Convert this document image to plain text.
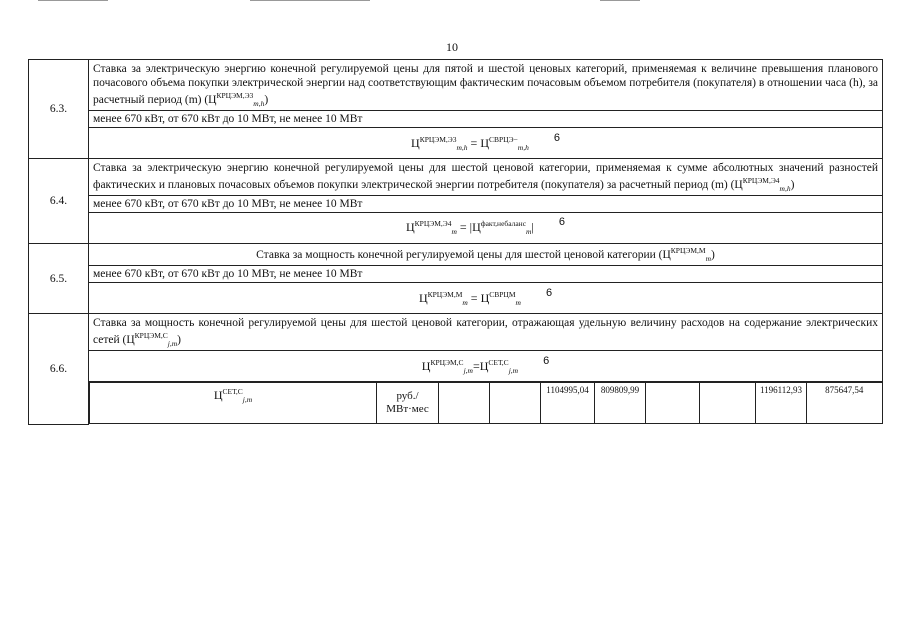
10
6.3.	Ставка за электрическую энергию конечной регулируемой цены для пятой и шестой ценовых категорий, применяемая к величине превышения планового почасового объема покупки электрической энергии над соответствующим фактическим почасовым объемом потребителя (покупателя) в отношении часа (h), за расчетный период (m) $(Ц^{КРЦЭМ,Э3}_{m,h})$
менее 670 кВт, от 670 кВт до 10 МВт, не менее 10 МВт
$Ц^{КРЦЭМ,Э3}_{m,h} = Ц^{СВРЦЭ-}_{m,h}$ 6
6.4.	Ставка за электрическую энергию конечной регулируемой цены для шестой ценовой категории, применяемая к сумме абсолютных значений разностей фактических и плановых почасовых объемов покупки электрической энергии потребителя (покупателя) за расчетный период (m) $(Ц^{КРЦЭМ,Э4}_{m,h})$
менее 670 кВт, от 670 кВт до 10 МВт, не менее 10 МВт
$Ц^{КРЦЭМ,Э4}_m = |Ц^{факт,небаланс}_m|$ 6
6.5.	Ставка за мощность конечной регулируемой цены для шестой ценовой категории $(Ц^{КРЦЭМ,М}_m)$
менее 670 кВт, от 670 кВт до 10 МВт, не менее 10 МВт
$Ц^{КРЦЭМ,М}_m = Ц^{СВРЦМ}_m$ 6
6.6.	Ставка за мощность конечной регулируемой цены для шестой ценовой категории, отражающая удельную величину расходов на содержание электрических сетей $(Ц^{КРЦЭМ,С}_{j,m})$
$Ц^{КРЦЭМ,С}_{j,m}=Ц^{СЕТ,С}_{j,m}$ 6

$Ц^{СЕТ,С}_{j,m}$	руб./ МВт·мес			1104995,04	809809,99			1196112,93	875647,54
